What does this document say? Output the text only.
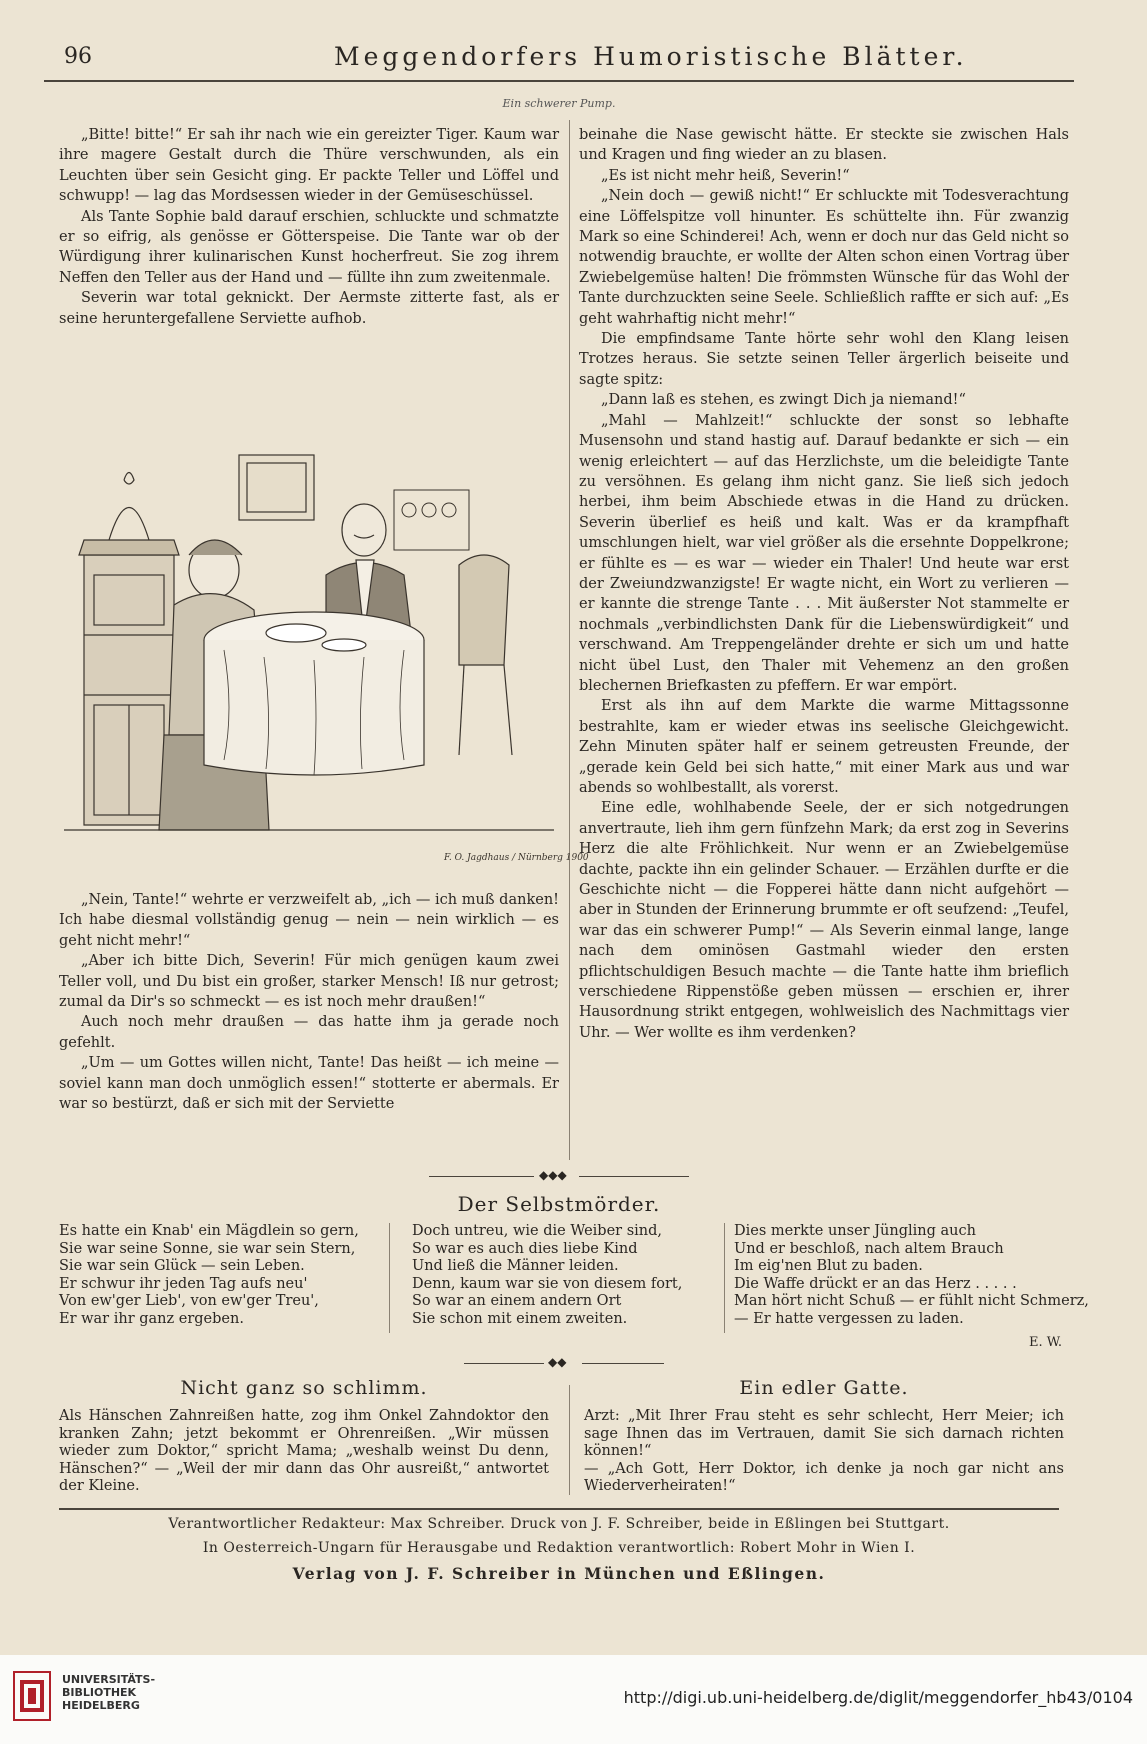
96	Meggendorfers Humoristische Blätter.
Ein schwerer Pump.

„Bitte! bitte!“ Er sah ihr nach wie ein gereizter Tiger. Kaum war ihre magere Gestalt durch die Thüre verschwunden, als ein Leuchten über sein Gesicht ging. Er packte Teller und Löffel und schwupp! — lag das Mordsessen wieder in der Gemüseschüssel.

Als Tante Sophie bald darauf erschien, schluckte und schmatzte er so eifrig, als genösse er Götterspeise. Die Tante war ob der Würdigung ihrer kulinarischen Kunst hocherfreut. Sie zog ihrem Neffen den Teller aus der Hand und — füllte ihn zum zweitenmale.

Severin war total geknickt. Der Aermste zitterte fast, als er seine heruntergefallene Serviette aufhob.

F. O. Jagdhaus / Nürnberg 1900

„Nein, Tante!“ wehrte er verzweifelt ab, „ich — ich muß danken! Ich habe diesmal vollständig genug — nein — nein wirklich — es geht nicht mehr!“

„Aber ich bitte Dich, Severin! Für mich genügen kaum zwei Teller voll, und Du bist ein großer, starker Mensch! Iß nur getrost; zumal da Dir's so schmeckt — es ist noch mehr draußen!“

Auch noch mehr draußen — das hatte ihm ja gerade noch gefehlt.

„Um — um Gottes willen nicht, Tante! Das heißt — ich meine — soviel kann man doch unmöglich essen!“ stotterte er abermals. Er war so bestürzt, daß er sich mit der Serviette

beinahe die Nase gewischt hätte. Er steckte sie zwischen Hals und Kragen und fing wieder an zu blasen.

„Es ist nicht mehr heiß, Severin!“

„Nein doch — gewiß nicht!“ Er schluckte mit Todesverachtung eine Löffelspitze voll hinunter. Es schüttelte ihn. Für zwanzig Mark so eine Schinderei! Ach, wenn er doch nur das Geld nicht so notwendig brauchte, er wollte der Alten schon einen Vortrag über Zwiebelgemüse halten! Die frömmsten Wünsche für das Wohl der Tante durchzuckten seine Seele. Schließlich raffte er sich auf: „Es geht wahrhaftig nicht mehr!“

Die empfindsame Tante hörte sehr wohl den Klang leisen Trotzes heraus. Sie setzte seinen Teller ärgerlich beiseite und sagte spitz:

„Dann laß es stehen, es zwingt Dich ja niemand!“

„Mahl — Mahlzeit!“ schluckte der sonst so lebhafte Musensohn und stand hastig auf. Darauf bedankte er sich — ein wenig erleichtert — auf das Herzlichste, um die beleidigte Tante zu versöhnen. Es gelang ihm nicht ganz. Sie ließ sich jedoch herbei, ihm beim Abschiede etwas in die Hand zu drücken. Severin überlief es heiß und kalt. Was er da krampfhaft umschlungen hielt, war viel größer als die ersehnte Doppelkrone; er fühlte es — es war — wieder ein Thaler! Und heute war erst der Zweiundzwanzigste! Er wagte nicht, ein Wort zu verlieren — er kannte die strenge Tante . . . Mit äußerster Not stammelte er nochmals „verbindlichsten Dank für die Liebenswürdigkeit“ und verschwand. Am Treppengeländer drehte er sich um und hatte nicht übel Lust, den Thaler mit Vehemenz an den großen blechernen Briefkasten zu pfeffern. Er war empört.

Erst als ihn auf dem Markte die warme Mittagssonne bestrahlte, kam er wieder etwas ins seelische Gleichgewicht. Zehn Minuten später half er seinem getreusten Freunde, der „gerade kein Geld bei sich hatte,“ mit einer Mark aus und war abends so wohlbestallt, als vorerst.

Eine edle, wohlhabende Seele, der er sich notgedrungen anvertraute, lieh ihm gern fünfzehn Mark; da erst zog in Severins Herz die alte Fröhlichkeit. Nur wenn er an Zwiebelgemüse dachte, packte ihn ein gelinder Schauer. — Erzählen durfte er die Geschichte nicht — die Fopperei hätte dann nicht aufgehört — aber in Stunden der Erinnerung brummte er oft seufzend: „Teufel, war das ein schwerer Pump!“ — Als Severin einmal lange, lange nach dem ominösen Gastmahl wieder den ersten pflichtschuldigen Besuch machte — die Tante hatte ihm brieflich verschiedene Rippenstöße geben müssen — erschien er, ihrer Hausordnung strikt entgegen, wohlweislich des Nachmittags vier Uhr. — Wer wollte es ihm verdenken?

◆◆◆
Der Selbstmörder.
Es hatte ein Knab' ein Mägdlein so gern,
Sie war seine Sonne, sie war sein Stern,
Sie war sein Glück — sein Leben.
Er schwur ihr jeden Tag aufs neu'
Von ew'ger Lieb', von ew'ger Treu',
Er war ihr ganz ergeben.
Doch untreu, wie die Weiber sind,
So war es auch dies liebe Kind
Und ließ die Männer leiden.
Denn, kaum war sie von diesem fort,
So war an einem andern Ort
Sie schon mit einem zweiten.
Dies merkte unser Jüngling auch
Und er beschloß, nach altem Brauch
Im eig'nen Blut zu baden.
Die Waffe drückt er an das Herz . . . . .
Man hört nicht Schuß — er fühlt nicht Schmerz,
— Er hatte vergessen zu laden.
E. W.
◆◆
Nicht ganz so schlimm.

Als Hänschen Zahnreißen hatte, zog ihm Onkel Zahndoktor den kranken Zahn; jetzt bekommt er Ohrenreißen. „Wir müssen wieder zum Doktor,“ spricht Mama; „weshalb weinst Du denn, Hänschen?“ — „Weil der mir dann das Ohr ausreißt,“ antwortet der Kleine.

Ein edler Gatte.

Arzt: „Mit Ihrer Frau steht es sehr schlecht, Herr Meier; ich sage Ihnen das im Vertrauen, damit Sie sich darnach richten können!“

— „Ach Gott, Herr Doktor, ich denke ja noch gar nicht ans Wiederverheiraten!“

Verantwortlicher Redakteur: Max Schreiber. Druck von J. F. Schreiber, beide in Eßlingen bei Stuttgart.
In Oesterreich-Ungarn für Herausgabe und Redaktion verantwortlich: Robert Mohr in Wien I.
Verlag von J. F. Schreiber in München und Eßlingen.
UNIVERSITÄTS-
BIBLIOTHEK
HEIDELBERG	http://digi.ub.uni-heidelberg.de/diglit/meggendorfer_hb43/0104
